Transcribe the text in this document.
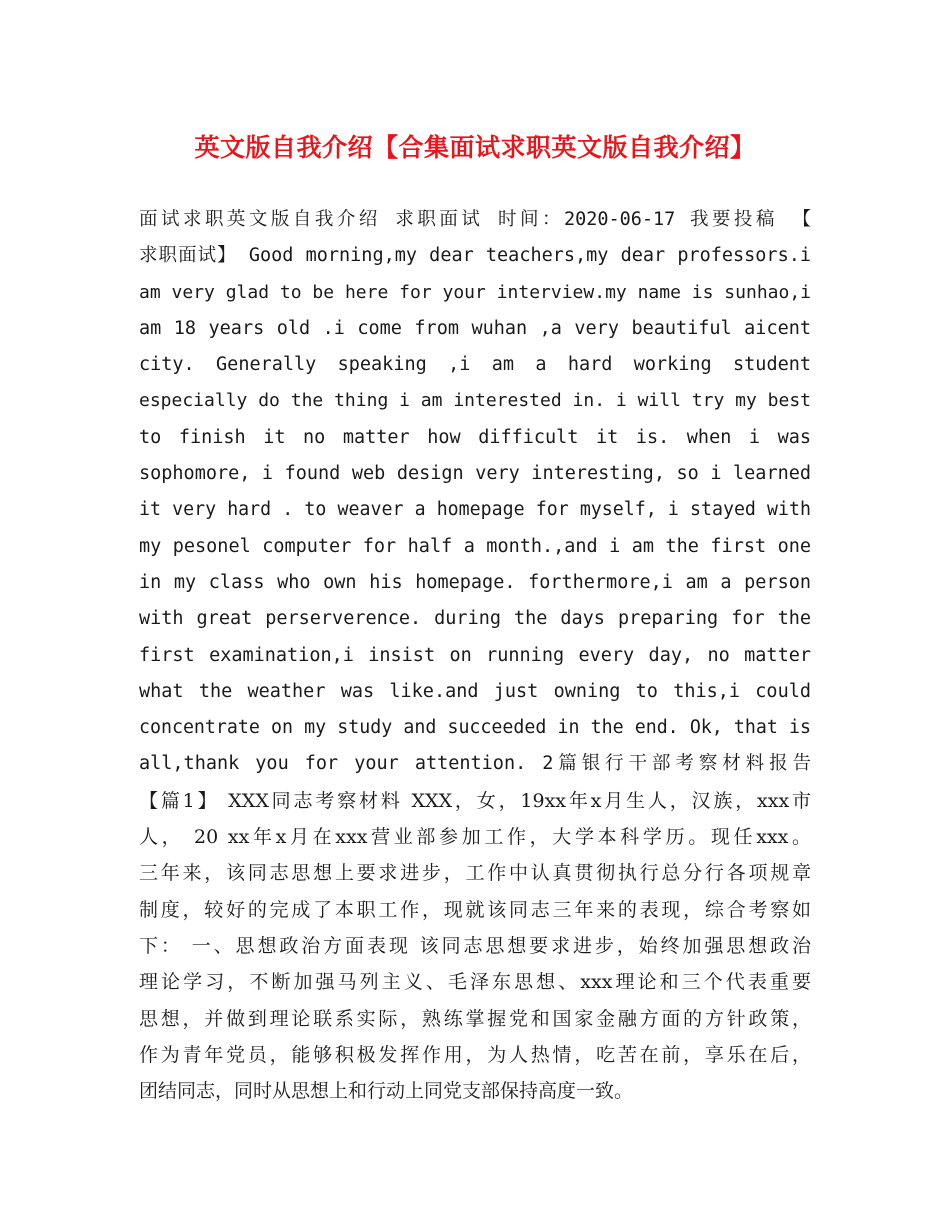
英文版自我介绍【合集面试求职英文版自我介绍】
面试求职英文版自我介绍 求职面试 时间：2020-06-17 我要投稿 【
求职面试】 Good morning,my dear teachers,my dear professors.i
am very glad to be here for your interview.my name is sunhao,i
am 18 years old .i come from wuhan ,a very beautiful aicent
city. Generally speaking ,i am a hard working student
especially do the thing i am interested in. i will try my best
to finish it no matter how difficult it is. when i was
sophomore, i found web design very interesting, so i learned
it very hard . to weaver a homepage for myself, i stayed with
my pesonel computer for half a month.,and i am the first one
in my class who own his homepage. forthermore,i am a person
with great perserverence. during the days preparing for the
first examination,i insist on running every day, no matter
what the weather was like.and just owning to this,i could
concentrate on my study and succeeded in the end. Ok, that is
all,thank you for your attention. 2篇银行干部考察材料报告
【篇1】 XXX同志考察材料 XXX，女，19xx年x月生人，汉族，xxx市
人， 20 xx年x月在xxx营业部参加工作，大学本科学历。现任xxx。
三年来，该同志思想上要求进步，工作中认真贯彻执行总分行各项规章
制度，较好的完成了本职工作，现就该同志三年来的表现，综合考察如
下： 一、思想政治方面表现 该同志思想要求进步，始终加强思想政治
理论学习，不断加强马列主义、毛泽东思想、xxx理论和三个代表重要
思想，并做到理论联系实际，熟练掌握党和国家金融方面的方针政策，
作为青年党员，能够积极发挥作用，为人热情，吃苦在前，享乐在后，
团结同志，同时从思想上和行动上同党支部保持高度一致。
